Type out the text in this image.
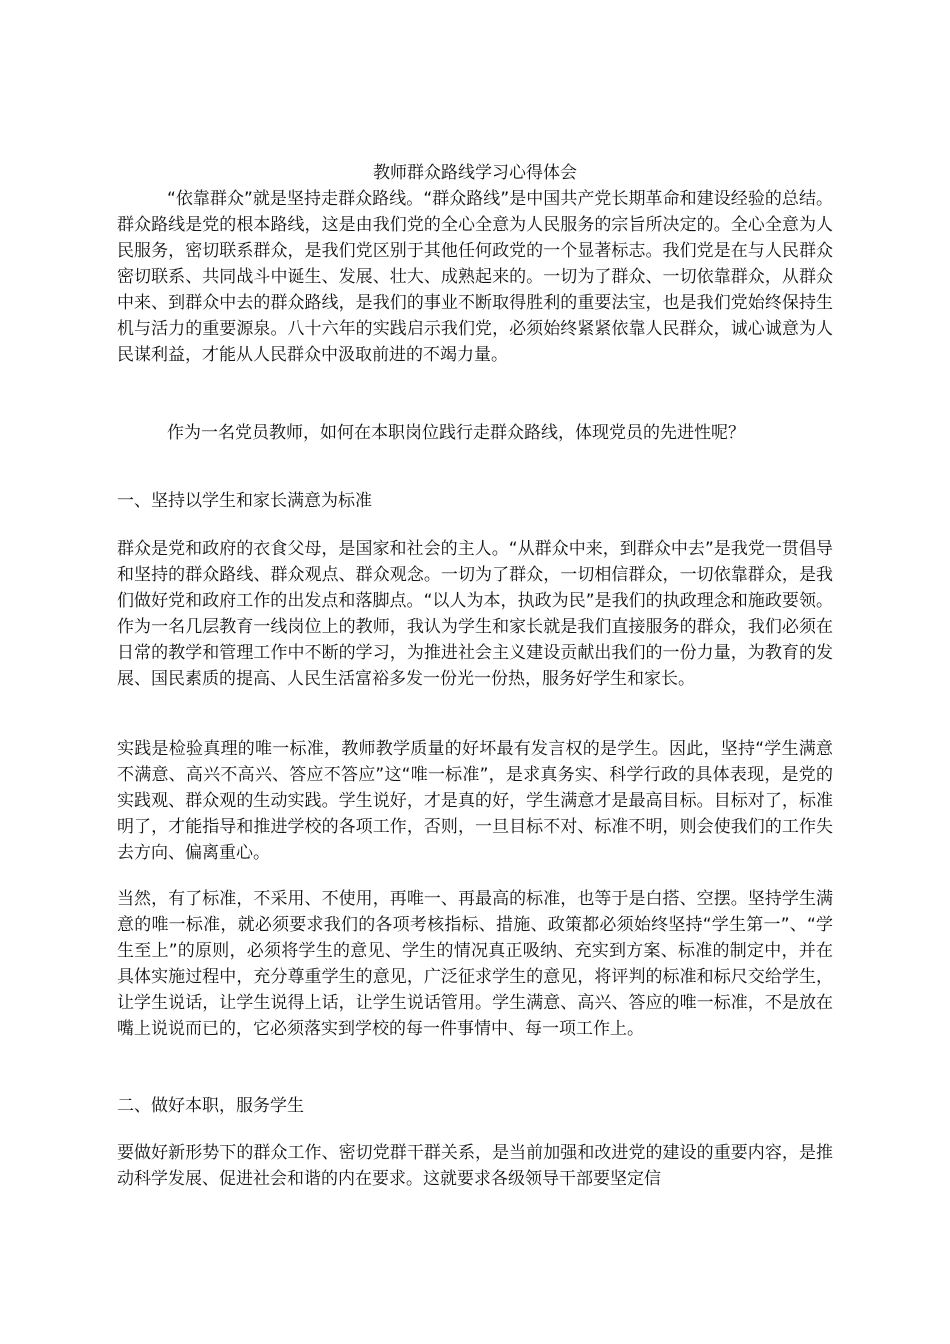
教师群众路线学习心得体会

“依靠群众”就是坚持走群众路线。“群众路线”是中国共产党长期革命和建设经验的总结。群众路线是党的根本路线，这是由我们党的全心全意为人民服务的宗旨所决定的。全心全意为人民服务，密切联系群众，是我们党区别于其他任何政党的一个显著标志。我们党是在与人民群众密切联系、共同战斗中诞生、发展、壮大、成熟起来的。一切为了群众、一切依靠群众，从群众中来、到群众中去的群众路线，是我们的事业不断取得胜利的重要法宝，也是我们党始终保持生机与活力的重要源泉。八十六年的实践启示我们党，必须始终紧紧依靠人民群众，诚心诚意为人民谋利益，才能从人民群众中汲取前进的不竭力量。

作为一名党员教师，如何在本职岗位践行走群众路线，体现党员的先进性呢？

一、坚持以学生和家长满意为标准

群众是党和政府的衣食父母，是国家和社会的主人。“从群众中来，到群众中去”是我党一贯倡导和坚持的群众路线、群众观点、群众观念。一切为了群众，一切相信群众，一切依靠群众，是我们做好党和政府工作的出发点和落脚点。“以人为本，执政为民”是我们的执政理念和施政要领。作为一名几层教育一线岗位上的教师，我认为学生和家长就是我们直接服务的群众，我们必须在日常的教学和管理工作中不断的学习，为推进社会主义建设贡献出我们的一份力量，为教育的发展、国民素质的提高、人民生活富裕多发一份光一份热，服务好学生和家长。

实践是检验真理的唯一标准，教师教学质量的好坏最有发言权的是学生。因此，坚持“学生满意不满意、高兴不高兴、答应不答应”这“唯一标准”，是求真务实、科学行政的具体表现，是党的实践观、群众观的生动实践。学生说好，才是真的好，学生满意才是最高目标。目标对了，标准明了，才能指导和推进学校的各项工作，否则，一旦目标不对、标准不明，则会使我们的工作失去方向、偏离重心。

当然，有了标准，不采用、不使用，再唯一、再最高的标准，也等于是白搭、空摆。坚持学生满意的唯一标准，就必须要求我们的各项考核指标、措施、政策都必须始终坚持“学生第一”、“学生至上”的原则，必须将学生的意见、学生的情况真正吸纳、充实到方案、标准的制定中，并在具体实施过程中，充分尊重学生的意见，广泛征求学生的意见，将评判的标准和标尺交给学生，让学生说话，让学生说得上话，让学生说话管用。学生满意、高兴、答应的唯一标准，不是放在嘴上说说而已的，它必须落实到学校的每一件事情中、每一项工作上。

二、做好本职，服务学生

要做好新形势下的群众工作、密切党群干群关系，是当前加强和改进党的建设的重要内容，是推动科学发展、促进社会和谐的内在要求。这就要求各级领导干部要坚定信
